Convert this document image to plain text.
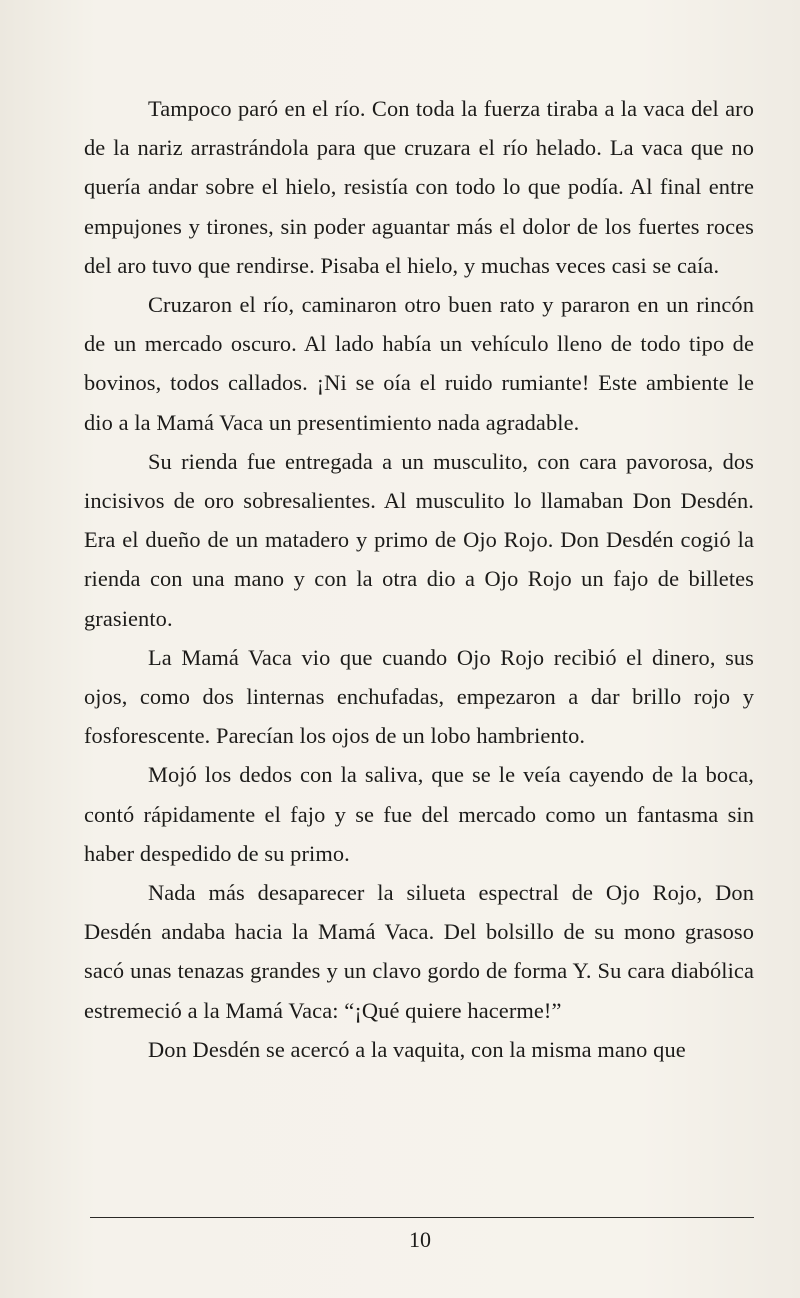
Tampoco paró en el río. Con toda la fuerza tiraba a la vaca del aro de la nariz arrastrándola para que cruzara el río helado. La vaca que no quería andar sobre el hielo, resistía con todo lo que podía. Al final entre empujones y tirones, sin poder aguantar más el dolor de los fuertes roces del aro tuvo que rendirse. Pisaba el hielo, y muchas veces casi se caía.

Cruzaron el río, caminaron otro buen rato y pararon en un rincón de un mercado oscuro. Al lado había un vehículo lleno de todo tipo de bovinos, todos callados. ¡Ni se oía el ruido rumiante! Este ambiente le dio a la Mamá Vaca un presentimiento nada agradable.

Su rienda fue entregada a un musculito, con cara pavorosa, dos incisivos de oro sobresalientes. Al musculito lo llamaban Don Desdén. Era el dueño de un matadero y primo de Ojo Rojo. Don Desdén cogió la rienda con una mano y con la otra dio a Ojo Rojo un fajo de billetes grasiento.

La Mamá Vaca vio que cuando Ojo Rojo recibió el dinero, sus ojos, como dos linternas enchufadas, empezaron a dar brillo rojo y fosforescente. Parecían los ojos de un lobo hambriento.

Mojó los dedos con la saliva, que se le veía cayendo de la boca, contó rápidamente el fajo y se fue del mercado como un fantasma sin haber despedido de su primo.

Nada más desaparecer la silueta espectral de Ojo Rojo, Don Desdén andaba hacia la Mamá Vaca. Del bolsillo de su mono grasoso sacó unas tenazas grandes y un clavo gordo de forma Y. Su cara diabólica estremeció a la Mamá Vaca: “¡Qué quiere hacerme!”

Don Desdén se acercó a la vaquita, con la misma mano que

10
